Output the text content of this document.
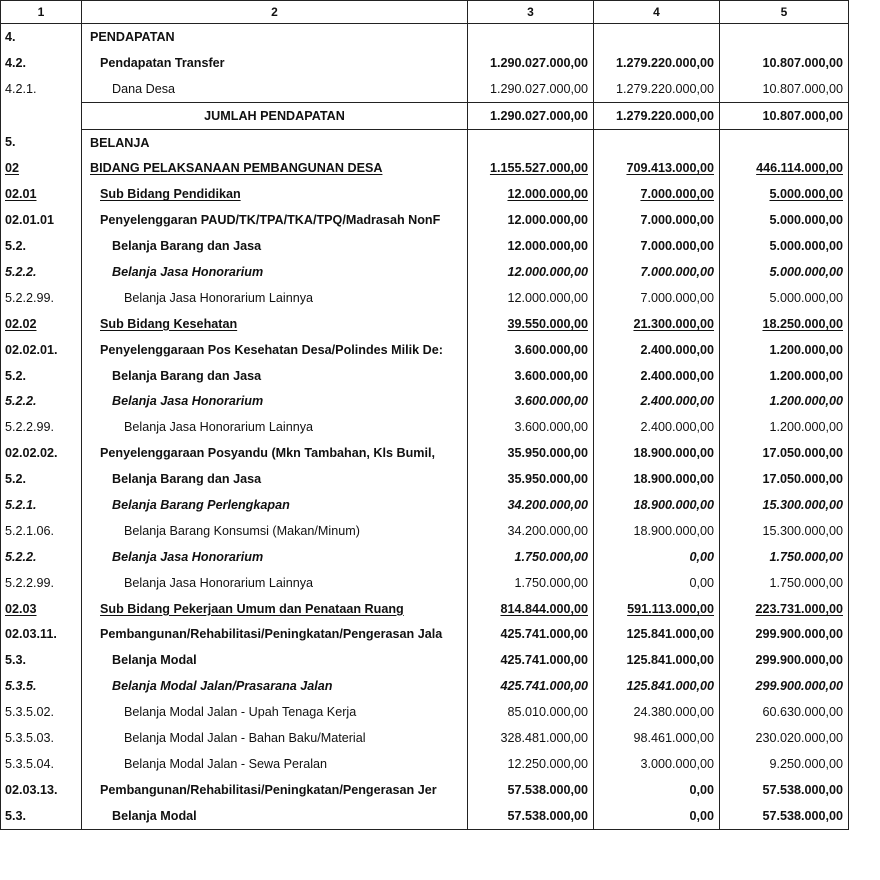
1	2	3	4	5
4.	PENDAPATAN			
4.2.	Pendapatan Transfer	1.290.027.000,00	1.279.220.000,00	10.807.000,00
4.2.1.	Dana Desa	1.290.027.000,00	1.279.220.000,00	10.807.000,00
	JUMLAH PENDAPATAN	1.290.027.000,00	1.279.220.000,00	10.807.000,00
5.	BELANJA			
02	BIDANG PELAKSANAAN PEMBANGUNAN DESA	1.155.527.000,00	709.413.000,00	446.114.000,00
02.01	Sub Bidang Pendidikan	12.000.000,00	7.000.000,00	5.000.000,00
02.01.01	Penyelenggaran PAUD/TK/TPA/TKA/TPQ/Madrasah NonF	12.000.000,00	7.000.000,00	5.000.000,00
5.2.	Belanja Barang dan Jasa	12.000.000,00	7.000.000,00	5.000.000,00
5.2.2.	Belanja Jasa Honorarium	12.000.000,00	7.000.000,00	5.000.000,00
5.2.2.99.	Belanja Jasa Honorarium Lainnya	12.000.000,00	7.000.000,00	5.000.000,00
02.02	Sub Bidang Kesehatan	39.550.000,00	21.300.000,00	18.250.000,00
02.02.01.	Penyelenggaraan Pos Kesehatan Desa/Polindes Milik De:	3.600.000,00	2.400.000,00	1.200.000,00
5.2.	Belanja Barang dan Jasa	3.600.000,00	2.400.000,00	1.200.000,00
5.2.2.	Belanja Jasa Honorarium	3.600.000,00	2.400.000,00	1.200.000,00
5.2.2.99.	Belanja Jasa Honorarium Lainnya	3.600.000,00	2.400.000,00	1.200.000,00
02.02.02.	Penyelenggaraan Posyandu (Mkn Tambahan, Kls Bumil,	35.950.000,00	18.900.000,00	17.050.000,00
5.2.	Belanja Barang dan Jasa	35.950.000,00	18.900.000,00	17.050.000,00
5.2.1.	Belanja Barang Perlengkapan	34.200.000,00	18.900.000,00	15.300.000,00
5.2.1.06.	Belanja Barang Konsumsi (Makan/Minum)	34.200.000,00	18.900.000,00	15.300.000,00
5.2.2.	Belanja Jasa Honorarium	1.750.000,00	0,00	1.750.000,00
5.2.2.99.	Belanja Jasa Honorarium Lainnya	1.750.000,00	0,00	1.750.000,00
02.03	Sub Bidang Pekerjaan Umum dan Penataan Ruang	814.844.000,00	591.113.000,00	223.731.000,00
02.03.11.	Pembangunan/Rehabilitasi/Peningkatan/Pengerasan Jala	425.741.000,00	125.841.000,00	299.900.000,00
5.3.	Belanja Modal	425.741.000,00	125.841.000,00	299.900.000,00
5.3.5.	Belanja Modal Jalan/Prasarana Jalan	425.741.000,00	125.841.000,00	299.900.000,00
5.3.5.02.	Belanja Modal Jalan - Upah Tenaga Kerja	85.010.000,00	24.380.000,00	60.630.000,00
5.3.5.03.	Belanja Modal Jalan - Bahan Baku/Material	328.481.000,00	98.461.000,00	230.020.000,00
5.3.5.04.	Belanja Modal Jalan - Sewa Peralan	12.250.000,00	3.000.000,00	9.250.000,00
02.03.13.	Pembangunan/Rehabilitasi/Peningkatan/Pengerasan Jer	57.538.000,00	0,00	57.538.000,00
5.3.	Belanja Modal	57.538.000,00	0,00	57.538.000,00
